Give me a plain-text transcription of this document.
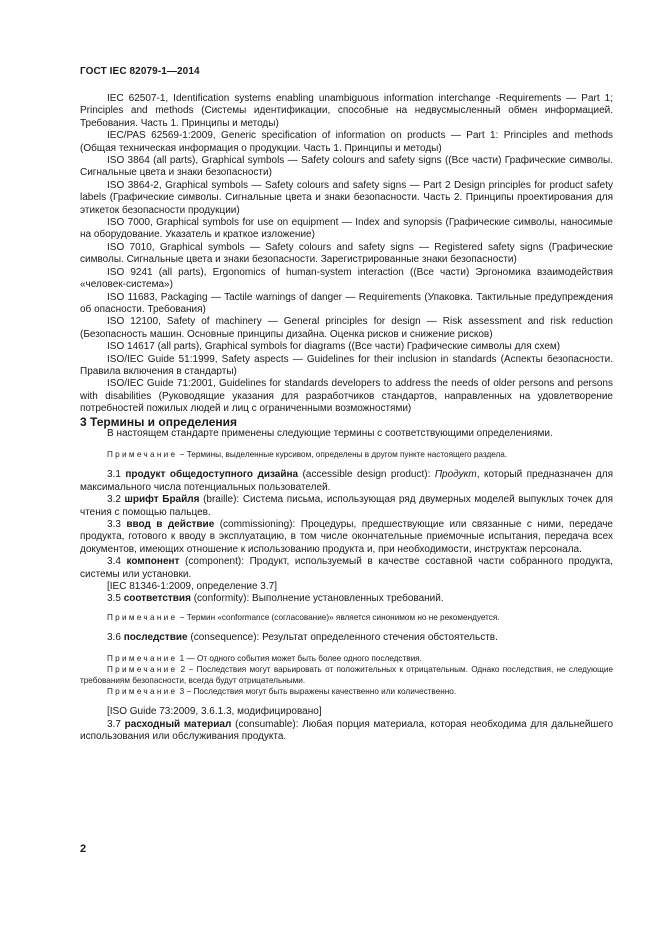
ГОСТ IEC 82079-1—2014

IEC 62507-1, Identification systems enabling unambiguous information interchange -Requirements — Part 1; Principles and methods (Системы идентификации, способные на недвусмысленный обмен информацией. Требования. Часть 1. Принципы и методы)

IEC/PAS 62569-1:2009, Generic specification of information on products — Part 1: Principles and methods (Общая техническая информация о продукции. Часть 1. Принципы и методы)

ISO 3864 (all parts), Graphical symbols — Safety colours and safety signs ((Все части) Графические символы. Сигнальные цвета и знаки безопасности)

ISO 3864-2, Graphical symbols — Safety colours and safety signs — Part 2 Design principles for product safety labels (Графические символы. Сигнальные цвета и знаки безопасности. Часть 2. Принципы проектирования для этикеток безопасности продукции)

ISO 7000, Graphical symbols for use on equipment — Index and synopsis (Графические символы, наносимые на оборудование. Указатель и краткое изложение)

ISO 7010, Graphical symbols — Safety colours and safety signs — Registered safety signs (Графические символы. Сигнальные цвета и знаки безопасности. Зарегистрированные знаки безопасности)

ISO 9241 (all parts), Ergonomics of human-system interaction ((Все части) Эргономика взаимодействия «человек-система»)

ISO 11683, Packaging — Tactile warnings of danger — Requirements (Упаковка. Тактильные предупреждения об опасности. Требования)

ISO 12100, Safety of machinery — General principles for design — Risk assessment and risk reduction (Безопасность машин. Основные принципы дизайна. Оценка рисков и снижение рисков)

ISO 14617 (all parts), Graphical symbols for diagrams ((Все части) Графические символы для схем)

ISO/IEC Guide 51:1999, Safety aspects — Guidelines for their inclusion in standards (Аспекты безопасности. Правила включения в стандарты)

ISO/IEC Guide 71:2001, Guidelines for standards developers to address the needs of older persons and persons with disabilities (Руководящие указания для разработчиков стандартов, направленных на удовлетворение потребностей пожилых людей и лиц с ограниченными возможностями)

3 Термины и определения

В настоящем стандарте применены следующие термины с соответствующими определениями.

Примечание − Термины, выделенные курсивом, определены в другом пункте настоящего раздела.

3.1 продукт общедоступного дизайна (accessible design product): Продукт, который предназначен для максимального числа потенциальных пользователей.

3.2 шрифт Брайля (braille): Система письма, использующая ряд двумерных моделей выпуклых точек для чтения с помощью пальцев.

3.3 ввод в действие (commissioning): Процедуры, предшествующие или связанные с ними, передаче продукта, готового к вводу в эксплуатацию, в том числе окончательные приемочные испытания, передача всех документов, имеющих отношение к использованию продукта и, при необходимости, инструктаж персонала.

3.4 компонент (component): Продукт, используемый в качестве составной части собранного продукта, системы или установки.

[IEC 81346-1:2009, определение 3.7]

3.5 соответствия (conformity): Выполнение установленных требований.

Примечание − Термин «conformance (согласование)» является синонимом но не рекомендуется.

3.6 последствие (consequence): Результат определенного стечения обстоятельств.

Примечание 1 — От одного события может быть более одного последствия.

Примечание 2 − Последствия могут варьировать от положительных к отрицательным. Однако последствия, не следующие требованиям безопасности, всегда будут отрицательными.

Примечание 3 − Последствия могут быть выражены качественно или количественно.

[ISO Guide 73:2009, 3.6.1.3, модифицировано]

3.7 расходный материал (consumable): Любая порция материала, которая необходима для дальнейшего использования или обслуживания продукта.

2
